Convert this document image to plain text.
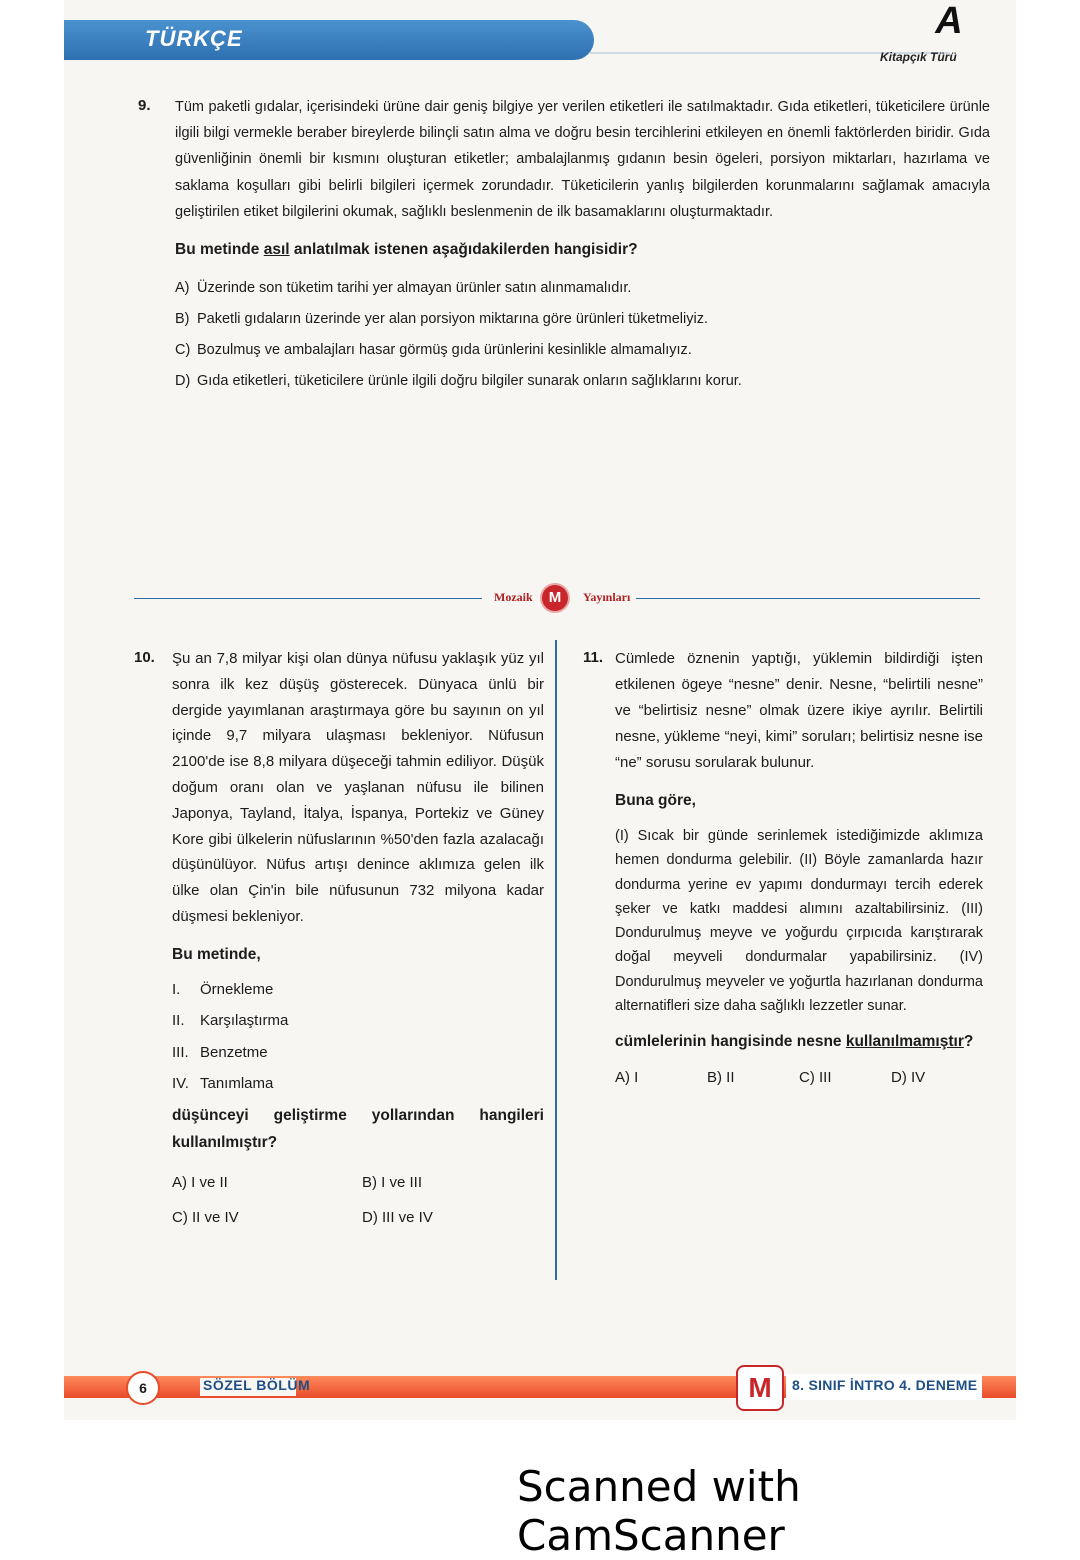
TÜRKÇE	A
Kitapçık Türü
9. Tüm paketli gıdalar, içerisindeki ürüne dair geniş bilgiye yer verilen etiketleri ile satılmaktadır. Gıda etiketleri, tüketicilere ürünle ilgili bilgi vermekle beraber bireylerde bilinçli satın alma ve doğru besin tercihlerini etkileyen en önemli faktörlerden biridir. Gıda güvenliğinin önemli bir kısmını oluşturan etiketler; ambalajlanmış gıdanın besin ögeleri, porsiyon miktarları, hazırlama ve saklama koşulları gibi belirli bilgileri içermek zorundadır. Tüketicilerin yanlış bilgilerden korunmalarını sağlamak amacıyla geliştirilen etiket bilgilerini okumak, sağlıklı beslenmenin de ilk basamaklarını oluşturmaktadır.

Bu metinde asıl anlatılmak istenen aşağıdakilerden hangisidir?
A) Üzerinde son tüketim tarihi yer almayan ürünler satın alınmamalıdır.
B) Paketli gıdaların üzerinde yer alan porsiyon miktarına göre ürünleri tüketmeliyiz.
C) Bozulmuş ve ambalajları hasar görmüş gıda ürünlerini kesinlikle almamalıyız.
D) Gıda etiketleri, tüketicilere ürünle ilgili doğru bilgiler sunarak onların sağlıklarını korur.
Mozaik	M	Yayınları
10. Şu an 7,8 milyar kişi olan dünya nüfusu yaklaşık yüz yıl sonra ilk kez düşüş gösterecek. Dünyaca ünlü bir dergide yayımlanan araştırmaya göre bu sayının on yıl içinde 9,7 milyara ulaşması bekleniyor. Nüfusun 2100'de ise 8,8 milyara düşeceği tahmin ediliyor. Düşük doğum oranı olan ve yaşlanan nüfusu ile bilinen Japonya, Tayland, İtalya, İspanya, Portekiz ve Güney Kore gibi ülkelerin nüfuslarının %50'den fazla azalacağı düşünülüyor. Nüfus artışı denince aklımıza gelen ilk ülke olan Çin'in bile nüfusunun 732 milyona kadar düşmesi bekleniyor.

Bu metinde,
I. Örnekleme
II. Karşılaştırma
III. Benzetme
IV. Tanımlama
düşünceyi geliştirme yollarından hangileri kullanılmıştır?
A) I ve II	B) I ve III
C) II ve IV	D) III ve IV
11. Cümlede öznenin yaptığı, yüklemin bildirdiği işten etkilenen ögeye “nesne” denir. Nesne, “belirtili nesne” ve “belirtisiz nesne” olmak üzere ikiye ayrılır. Belirtili nesne, yükleme “neyi, kimi” soruları; belirtisiz nesne ise “ne” sorusu sorularak bulunur.

Buna göre,
(I) Sıcak bir günde serinlemek istediğimizde aklımıza hemen dondurma gelebilir. (II) Böyle zamanlarda hazır dondurma yerine ev yapımı dondurmayı tercih ederek şeker ve katkı maddesi alımını azaltabilirsiniz. (III) Dondurulmuş meyve ve yoğurdu çırpıcıda karıştırarak doğal meyveli dondurmalar yapabilirsiniz. (IV) Dondurulmuş meyveler ve yoğurtla hazırlanan dondurma alternatifleri size daha sağlıklı lezzetler sunar.
cümlelerinin hangisinde nesne kullanılmamıştır?
A) I	B) II	C) III	D) IV
6	SÖZEL BÖLÜM	M	8. SINIF İNTRO 4. DENEME
Scanned with CamScanner
